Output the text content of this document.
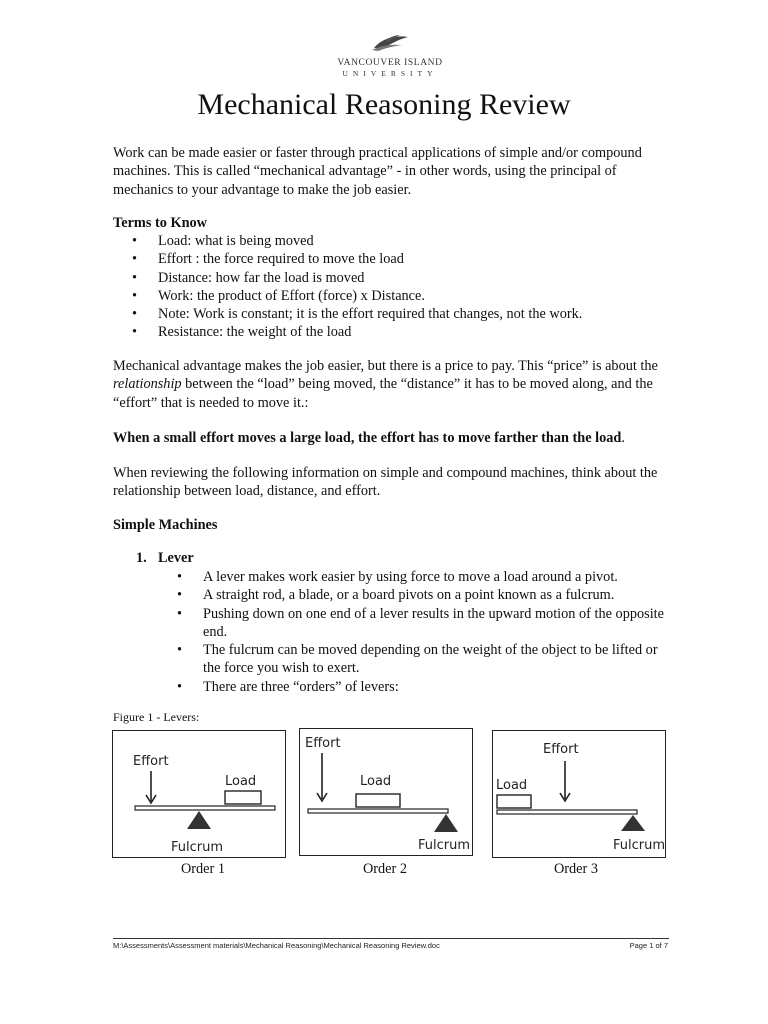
VANCOUVER ISLAND
UNIVERSITY
Mechanical Reasoning Review

Work can be made easier or faster through practical applications of simple and/or compound machines. This is called “mechanical advantage” - in other words, using the principal of mechanics to your advantage to make the job easier.

Terms to Know

• Load: what is being moved
• Effort : the force required to move the load
• Distance: how far the load is moved
• Work: the product of Effort (force) x Distance.
• Note: Work is constant; it is the effort required that changes, not the work.
• Resistance: the weight of the load

Mechanical advantage makes the job easier, but there is a price to pay. This “price” is about the relationship between the “load” being moved, the “distance” it has to be moved along, and the “effort” that is needed to move it.:

When a small effort moves a large load, the effort has to move farther than the load.

When reviewing the following information on simple and compound machines, think about the relationship between load, distance, and effort.

Simple Machines

1. Lever
• A lever makes work easier by using force to move a load around a pivot.
• A straight rod, a blade, or a board pivots on a point known as a fulcrum.
• Pushing down on one end of a lever results in the upward motion of the opposite end.
• The fulcrum can be moved depending on the weight of the object to be lifted or the force you wish to exert.
• There are three “orders” of levers:
Figure 1 - Levers:
Effort
Load
Fulcrum
Effort
Load
Fulcrum
Effort
Load
Fulcrum
Order 1	Order 2	Order 3
M:\Assessments\Assessment materials\Mechanical Reasoning\Mechanical Reasoning Review.doc	Page 1 of 7
